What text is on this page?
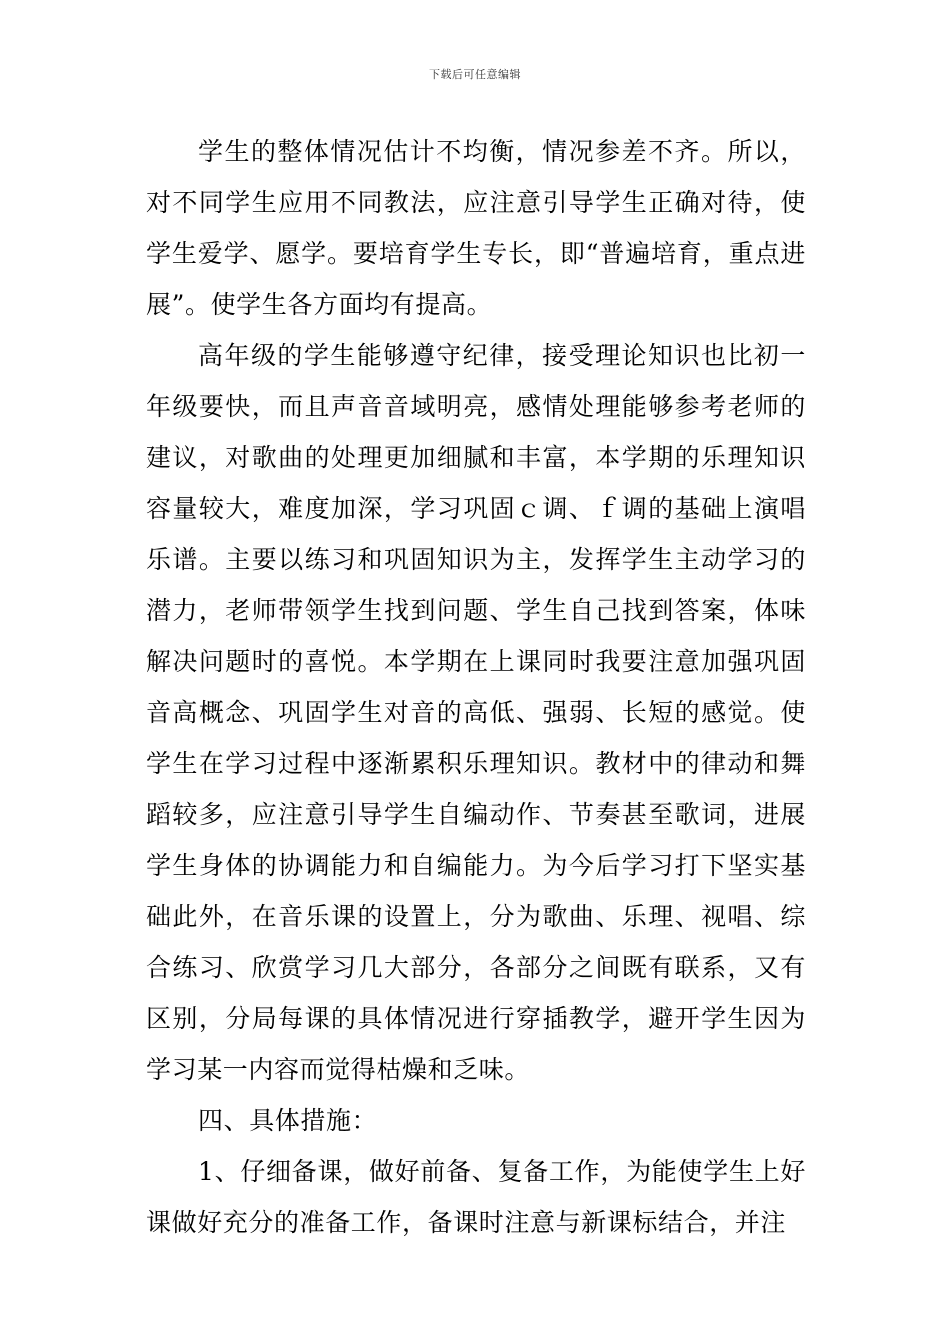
下载后可任意编辑

学生的整体情况估计不均衡，情况参差不齐。所以，对不同学生应用不同教法，应注意引导学生正确对待，使学生爱学、愿学。要培育学生专长，即“普遍培育，重点进展”。使学生各方面均有提高。

高年级的学生能够遵守纪律，接受理论知识也比初一年级要快，而且声音音域明亮，感情处理能够参考老师的建议，对歌曲的处理更加细腻和丰富，本学期的乐理知识容量较大，难度加深，学习巩固ｃ调、ｆ调的基础上演唱乐谱。主要以练习和巩固知识为主，发挥学生主动学习的潜力，老师带领学生找到问题、学生自己找到答案，体味解决问题时的喜悦。本学期在上课同时我要注意加强巩固音高概念、巩固学生对音的高低、强弱、长短的感觉。使学生在学习过程中逐渐累积乐理知识。教材中的律动和舞蹈较多，应注意引导学生自编动作、节奏甚至歌词，进展学生身体的协调能力和自编能力。为今后学习打下坚实基础此外，在音乐课的设置上，分为歌曲、乐理、视唱、综合练习、欣赏学习几大部分，各部分之间既有联系，又有区别，分局每课的具体情况进行穿插教学，避开学生因为学习某一内容而觉得枯燥和乏味。

四、具体措施：

1、仔细备课，做好前备、复备工作，为能使学生上好课做好充分的准备工作，备课时注意与新课标结合，并注
